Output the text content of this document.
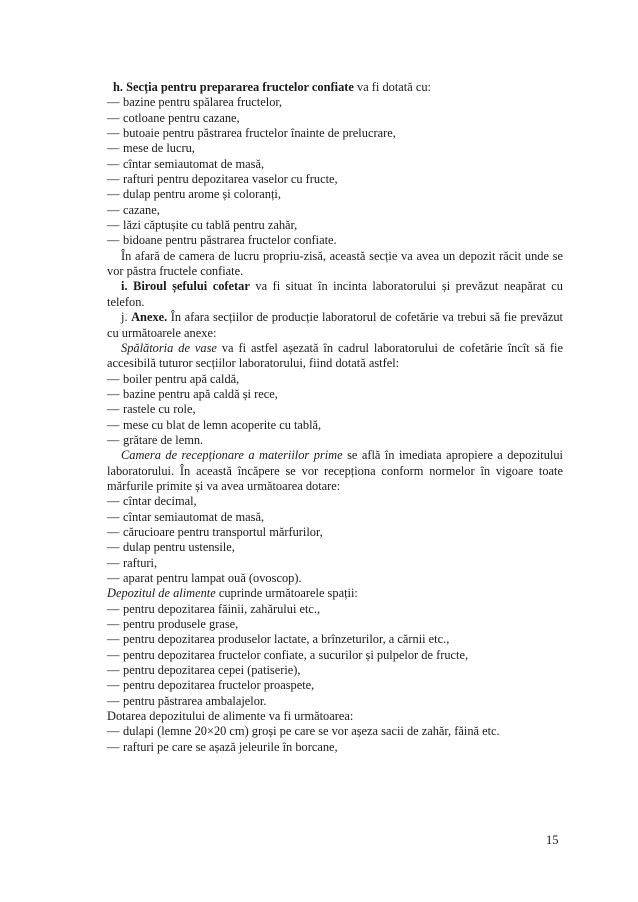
h. Secția pentru prepararea fructelor confiate va fi dotată cu:
— bazine pentru spălarea fructelor,
— cotloane pentru cazane,
— butoaie pentru păstrarea fructelor înainte de prelucrare,
— mese de lucru,
— cîntar semiautomat de masă,
— rafturi pentru depozitarea vaselor cu fructe,
— dulap pentru arome și coloranți,
— cazane,
— lăzi căptușite cu tablă pentru zahăr,
— bidoane pentru păstrarea fructelor confiate.
În afară de camera de lucru propriu-zisă, această secție va avea un depozit răcit unde se vor păstra fructele confiate.
i. Biroul șefului cofetar va fi situat în incinta laboratorului și prevăzut neapărat cu telefon.
j. Anexe. În afara secțiilor de producție laboratorul de cofetărie va trebui să fie prevăzut cu următoarele anexe:
Spălătoria de vase va fi astfel așezată în cadrul laboratorului de cofetărie încît să fie accesibilă tuturor secțiilor laboratorului, fiind dotată astfel:
— boiler pentru apă caldă,
— bazine pentru apă caldă și rece,
— rastele cu role,
— mese cu blat de lemn acoperite cu tablă,
— grătare de lemn.
Camera de recepționare a materiilor prime se află în imediata apropiere a depozitului laboratorului. În această încăpere se vor recepționa conform normelor în vigoare toate mărfurile primite și va avea următoarea dotare:
— cîntar decimal,
— cîntar semiautomat de masă,
— cărucioare pentru transportul mărfurilor,
— dulap pentru ustensile,
— rafturi,
— aparat pentru lampat ouă (ovoscop).
Depozitul de alimente cuprinde următoarele spații:
— pentru depozitarea făinii, zahărului etc.,
— pentru produsele grase,
— pentru depozitarea produselor lactate, a brînzeturilor, a cărnii etc.,
— pentru depozitarea fructelor confiate, a sucurilor și pulpelor de fructe,
— pentru depozitarea cepei (patiserie),
— pentru depozitarea fructelor proaspete,
— pentru păstrarea ambalajelor.
Dotarea depozitului de alimente va fi următoarea:
— dulapi (lemne 20×20 cm) groși pe care se vor așeza sacii de zahăr, făină etc.
— rafturi pe care se așază jeleurile în borcane,
15
